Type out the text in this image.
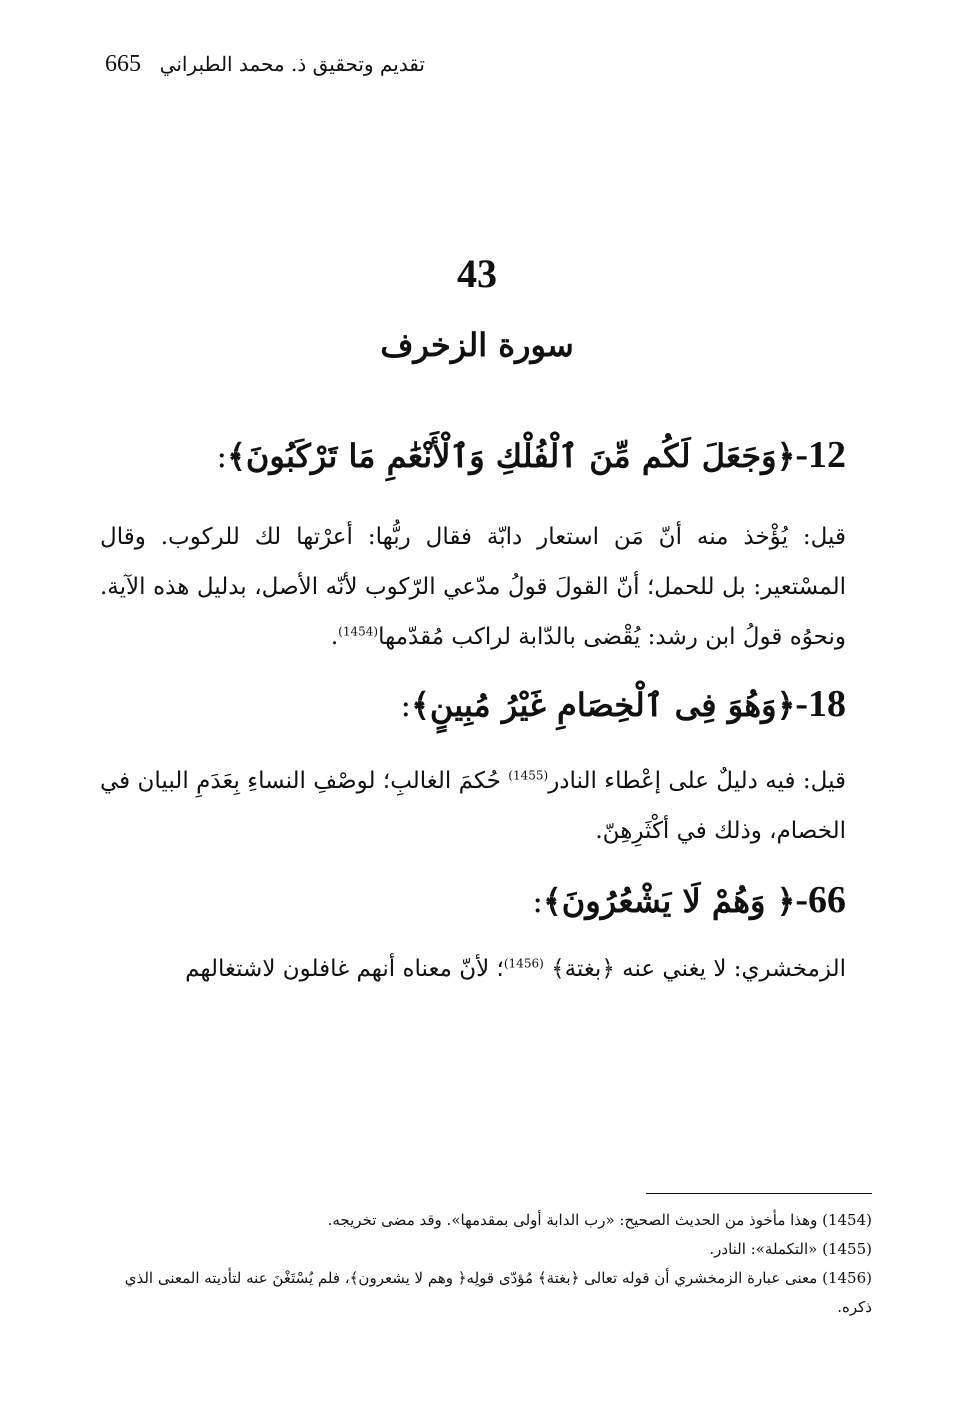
تقديم وتحقيق ذ. محمد الطبراني
665
43
سورة الزخرف
12-﴿وَجَعَلَ لَكُم مِّنَ ٱلْفُلْكِ وَٱلْأَنْعَٰمِ مَا تَرْكَبُونَ﴾:
قيل: يُؤْخذ منه أنّ مَن استعار دابّة فقال ربُّها: أعرْتها لك للركوب. وقال المسْتعير: بل للحمل؛ أنّ القولَ قولُ مدّعي الرّكوب لأنّه الأصل، بدليل هذه الآية. ونحوُه قولُ ابن رشد: يُقْضى بالدّابة لراكب مُقدّمها$^{(1454)}$.
18-﴿وَهُوَ فِى ٱلْخِصَامِ غَيْرُ مُبِينٍ﴾:
قيل: فيه دليلٌ على إعْطاء النادر$^{(1455)}$ حُكمَ الغالبِ؛ لوصْفِ النساءِ بِعَدَمِ البيان في الخصام، وذلك في أكْثَرِهِنّ.
66-﴿ وَهُمْ لَا يَشْعُرُونَ﴾:
الزمخشري: لا يغني عنه ﴿بغتة﴾ $^{(1456)}$؛ لأنّ معناه أنهم غافلون لاشتغالهم
(1454) وهذا مأخوذ من الحديث الصحيح: «رب الدابة أولى بمقدمها». وقد مضى تخريجه.
(1455) «التكملة»: النادر.
(1456) معنى عبارة الزمخشري أن قوله تعالى ﴿بغتة﴾ مُؤدّى قولِه﴿ وهم لا يشعرون﴾، فلم يُسْتَغْنَ عنه لتأديته المعنى الذي ذكره.
